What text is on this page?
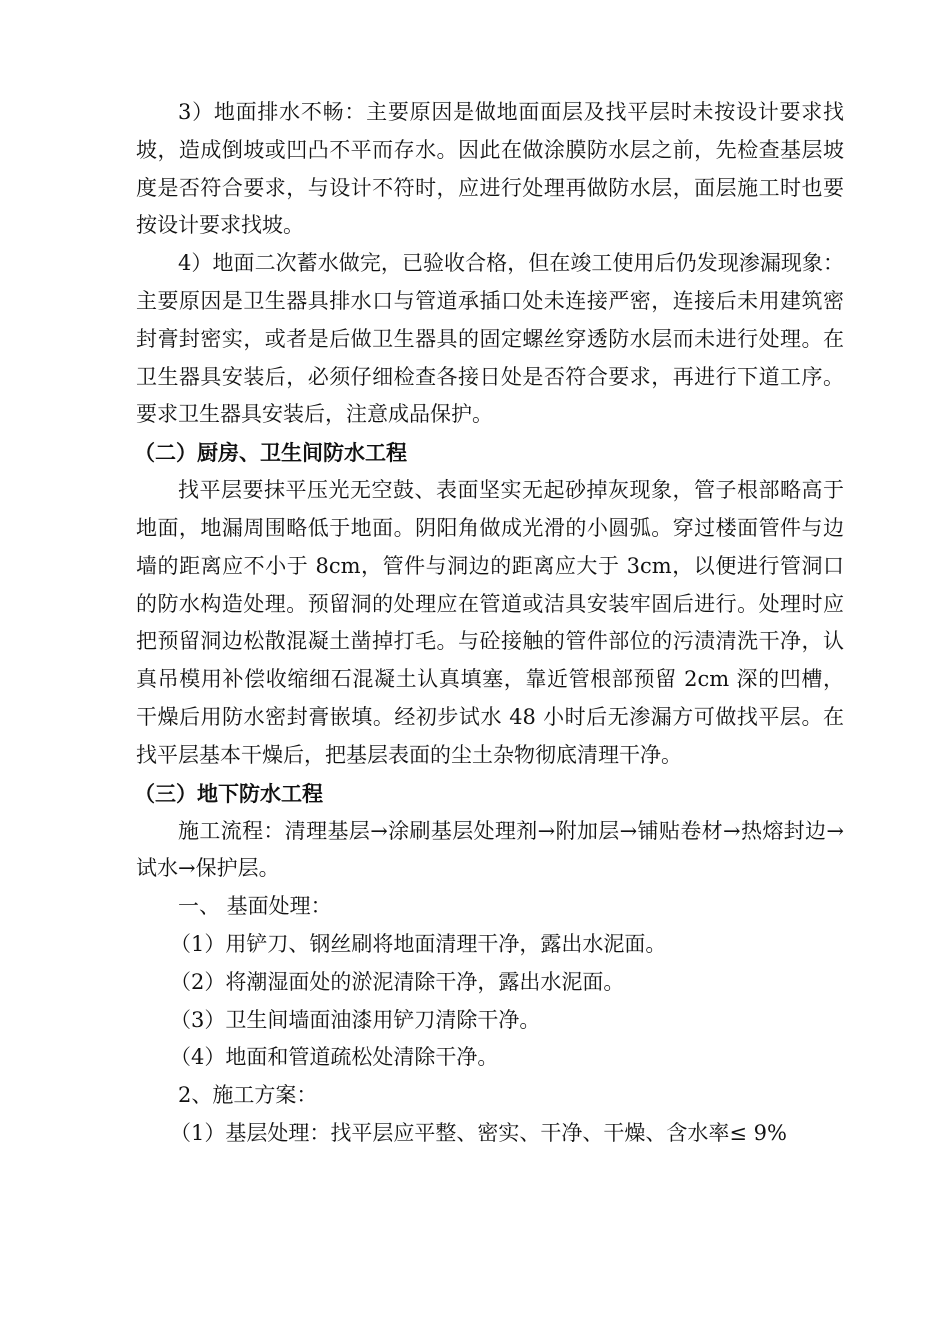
3）地面排水不畅：主要原因是做地面面层及找平层时未按设计要求找坡，造成倒坡或凹凸不平而存水。因此在做涂膜防水层之前，先检查基层坡度是否符合要求，与设计不符时，应进行处理再做防水层，面层施工时也要按设计要求找坡。

4）地面二次蓄水做完，已验收合格，但在竣工使用后仍发现渗漏现象：主要原因是卫生器具排水口与管道承插口处未连接严密，连接后未用建筑密封膏封密实，或者是后做卫生器具的固定螺丝穿透防水层而未进行处理。在卫生器具安装后，必须仔细检查各接日处是否符合要求，再进行下道工序。要求卫生器具安装后，注意成品保护。

（二）厨房、卫生间防水工程

找平层要抹平压光无空鼓、表面坚实无起砂掉灰现象，管子根部略高于地面，地漏周围略低于地面。阴阳角做成光滑的小圆弧。穿过楼面管件与边墙的距离应不小于 8cm，管件与洞边的距离应大于 3cm，以便进行管洞口的防水构造处理。预留洞的处理应在管道或洁具安装牢固后进行。处理时应把预留洞边松散混凝土凿掉打毛。与砼接触的管件部位的污渍清洗干净，认真吊模用补偿收缩细石混凝土认真填塞，靠近管根部预留 2cm 深的凹槽，干燥后用防水密封膏嵌填。经初步试水 48 小时后无渗漏方可做找平层。在找平层基本干燥后，把基层表面的尘土杂物彻底清理干净。

（三）地下防水工程

施工流程：清理基层→涂刷基层处理剂→附加层→铺贴卷材→热熔封边→试水→保护层。

一、 基面处理：

（1）用铲刀、钢丝刷将地面清理干净，露出水泥面。

（2）将潮湿面处的淤泥清除干净，露出水泥面。

（3）卫生间墙面油漆用铲刀清除干净。

（4）地面和管道疏松处清除干净。

2、施工方案：

（1）基层处理：找平层应平整、密实、干净、干燥、含水率≤ 9%
